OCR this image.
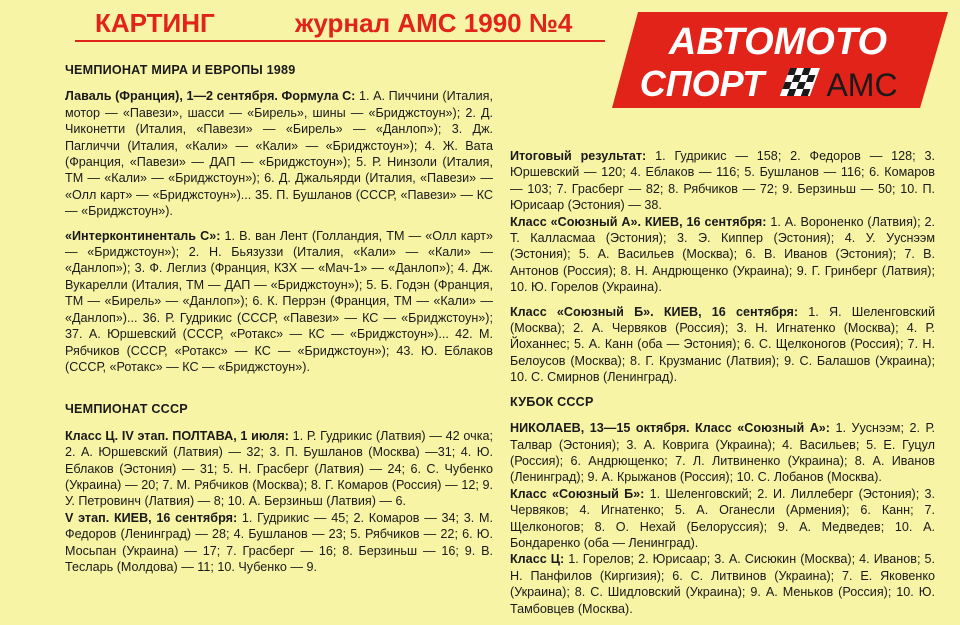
КАРТИНГ	журнал АМС 1990 №4	АВТОМОТО
СПОРТ АМС
ЧЕМПИОНАТ МИРА И ЕВРОПЫ 1989

Лаваль (Франция), 1—2 сентября. Формула С: 1. А. Пиччини (Италия, мотор — «Павези», шасси — «Бирель», шины — «Бриджстоун»); 2. Д. Чиконетти (Италия, «Павези» — «Бирель» — «Данлоп»); 3. Дж. Пагличчи (Италия, «Кали» — «Кали» — «Бриджстоун»); 4. Ж. Вата (Франция, «Павези» — ДАП — «Бриджстоун»); 5. Р. Нинзоли (Италия, ТМ — «Кали» — «Бриджстоун»); 6. Д. Джальярди (Италия, «Павези» — «Олл карт» — «Бриджстоун»)... 35. П. Бушланов (СССР, «Павези» — КС — «Бриджстоун»).

«Интерконтиненталь С»: 1. В. ван Лент (Голландия, ТМ — «Олл карт» — «Бриджстоун»); 2. Н. Бьязуззи (Италия, «Кали» — «Кали» — «Данлоп»); 3. Ф. Леглиз (Франция, КЗХ — «Мач-1» — «Данлоп»); 4. Дж. Вукарелли (Италия, ТМ — ДАП — «Бриджстоун»); 5. Б. Годэн (Франция, ТМ — «Бирель» — «Данлоп»); 6. К. Перрэн (Франция, ТМ — «Кали» — «Данлоп»)... 36. Р. Гудрикис (СССР, «Павези» — КС — «Бриджстоун»); 37. А. Юршевский (СССР, «Ротакс» — КС — «Бриджстоун»)... 42. М. Рябчиков (СССР, «Ротакс» — КС — «Бриджстоун»); 43. Ю. Еблаков (СССР, «Ротакс» — КС — «Бриджстоун»).

ЧЕМПИОНАТ СССР

Класс Ц. IV этап. ПОЛТАВА, 1 июля: 1. Р. Гудрикис (Латвия) — 42 очка; 2. А. Юршевский (Латвия) — 32; 3. П. Бушланов (Москва) —31; 4. Ю. Еблаков (Эстония) — 31; 5. Н. Грасберг (Латвия) — 24; 6. С. Чубенко (Украина) — 20; 7. М. Рябчиков (Москва); 8. Г. Комаров (Россия) — 12; 9. У. Петровинч (Латвия) — 8; 10. А. Берзиньш (Латвия) — 6.

V этап. КИЕВ, 16 сентября: 1. Гудрикис — 45; 2. Комаров — 34; 3. М. Федоров (Ленинград) — 28; 4. Бушланов — 23; 5. Рябчиков — 22; 6. Ю. Мосьпан (Украина) — 17; 7. Грасберг — 16; 8. Берзиньш — 16; 9. В. Тесларь (Молдова) — 11; 10. Чубенко — 9.

Итоговый результат: 1. Гудрикис — 158; 2. Федоров — 128; 3. Юршевский — 120; 4. Еблаков — 116; 5. Бушланов — 116; 6. Комаров — 103; 7. Грасберг — 82; 8. Рябчиков — 72; 9. Берзиньш — 50; 10. П. Юрисаар (Эстония) — 38.

Класс «Союзный А». КИЕВ, 16 сентября: 1. А. Вороненко (Латвия); 2. Т. Калласмаа (Эстония); 3. Э. Киппер (Эстония); 4. У. Ууснээм (Эстония); 5. А. Васильев (Москва); 6. В. Иванов (Эстония); 7. В. Антонов (Россия); 8. Н. Андрющенко (Украина); 9. Г. Гринберг (Латвия); 10. Ю. Горелов (Украина).

Класс «Союзный Б». КИЕВ, 16 сентября: 1. Я. Шеленговский (Москва); 2. А. Червяков (Россия); 3. Н. Игнатенко (Москва); 4. Р. Йоханнес; 5. А. Канн (оба — Эстония); 6. С. Щелконогов (Россия); 7. Н. Белоусов (Москва); 8. Г. Крузманис (Латвия); 9. С. Балашов (Украина); 10. С. Смирнов (Ленинград).

КУБОК СССР

НИКОЛАЕВ, 13—15 октября. Класс «Союзный А»: 1. Ууснээм; 2. Р. Талвар (Эстония); 3. А. Коврига (Украина); 4. Васильев; 5. Е. Гуцул (Россия); 6. Андрющенко; 7. Л. Литвиненко (Украина); 8. А. Иванов (Ленинград); 9. А. Крыжанов (Россия); 10. С. Лобанов (Москва).

Класс «Союзный Б»: 1. Шеленговский; 2. И. Лиллеберг (Эстония); 3. Червяков; 4. Игнатенко; 5. А. Оганесли (Армения); 6. Канн; 7. Щелконогов; 8. О. Нехай (Белоруссия); 9. А. Медведев; 10. А. Бондаренко (оба — Ленинград).

Класс Ц: 1. Горелов; 2. Юрисаар; 3. А. Сисюкин (Москва); 4. Иванов; 5. Н. Панфилов (Киргизия); 6. С. Литвинов (Украина); 7. Е. Яковенко (Украина); 8. С. Шидловский (Украина); 9. А. Меньков (Россия); 10. Ю. Тамбовцев (Москва).
